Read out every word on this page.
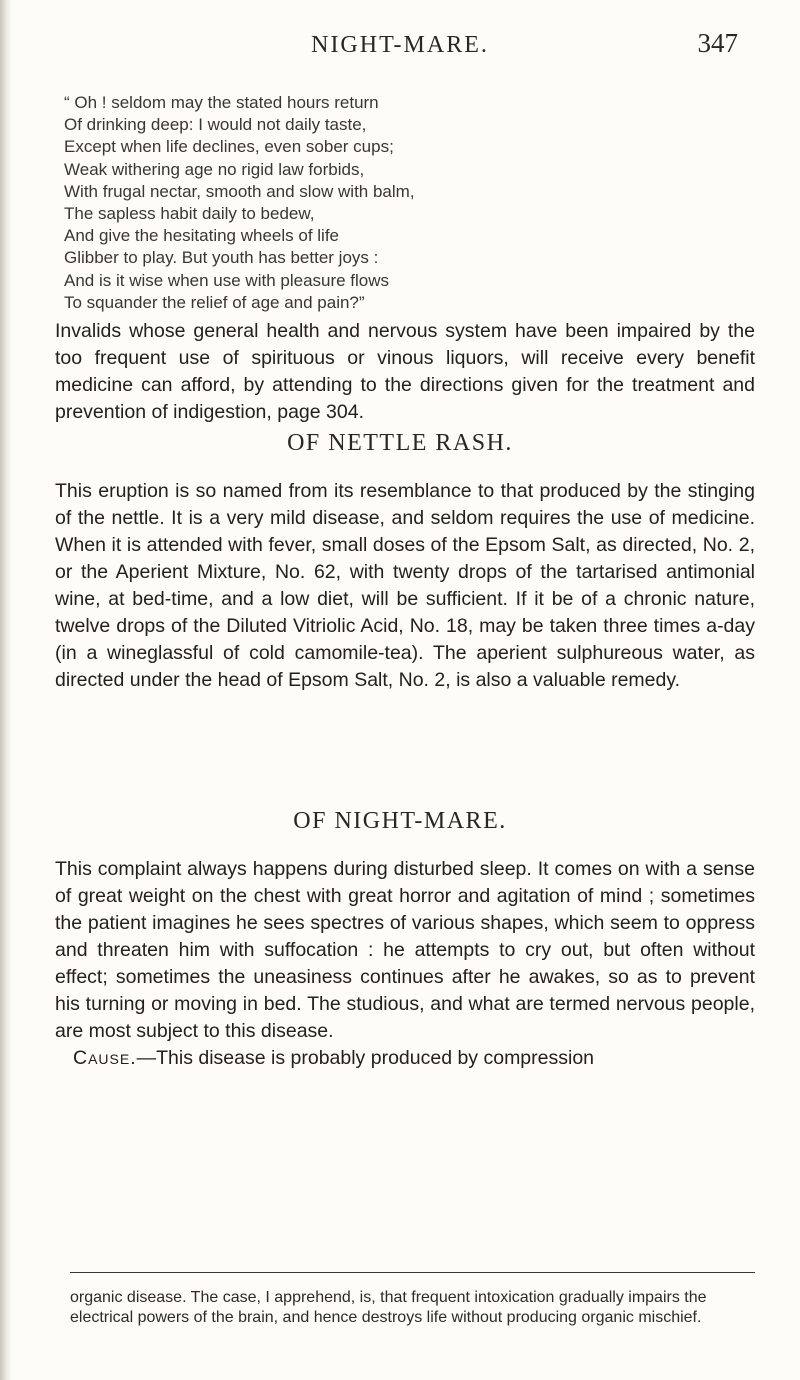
NIGHT-MARE.	347
“ Oh ! seldom may the stated hours return
Of drinking deep: I would not daily taste,
Except when life declines, even sober cups;
Weak withering age no rigid law forbids,
With frugal nectar, smooth and slow with balm,
The sapless habit daily to bedew,
And give the hesitating wheels of life
Glibber to play. But youth has better joys :
And is it wise when use with pleasure flows
To squander the relief of age and pain?”

Invalids whose general health and nervous system have been impaired by the too frequent use of spirituous or vinous liquors, will receive every benefit medicine can afford, by attending to the directions given for the treatment and prevention of indigestion, page 304.

OF NETTLE RASH.

This eruption is so named from its resemblance to that produced by the stinging of the nettle. It is a very mild disease, and seldom requires the use of medicine. When it is attended with fever, small doses of the Epsom Salt, as directed, No. 2, or the Aperient Mixture, No. 62, with twenty drops of the tartarised antimonial wine, at bed-time, and a low diet, will be sufficient. If it be of a chronic nature, twelve drops of the Diluted Vitriolic Acid, No. 18, may be taken three times a-day (in a wineglassful of cold camomile-tea). The aperient sulphureous water, as directed under the head of Epsom Salt, No. 2, is also a valuable remedy.

OF NIGHT-MARE.

This complaint always happens during disturbed sleep. It comes on with a sense of great weight on the chest with great horror and agitation of mind ; sometimes the patient imagines he sees spectres of various shapes, which seem to oppress and threaten him with suffocation : he attempts to cry out, but often without effect; sometimes the uneasiness continues after he awakes, so as to prevent his turning or moving in bed. The studious, and what are termed nervous people, are most subject to this disease.

Cause.—This disease is probably produced by compression

organic disease. The case, I apprehend, is, that frequent intoxication gradually impairs the electrical powers of the brain, and hence destroys life without producing organic mischief.
